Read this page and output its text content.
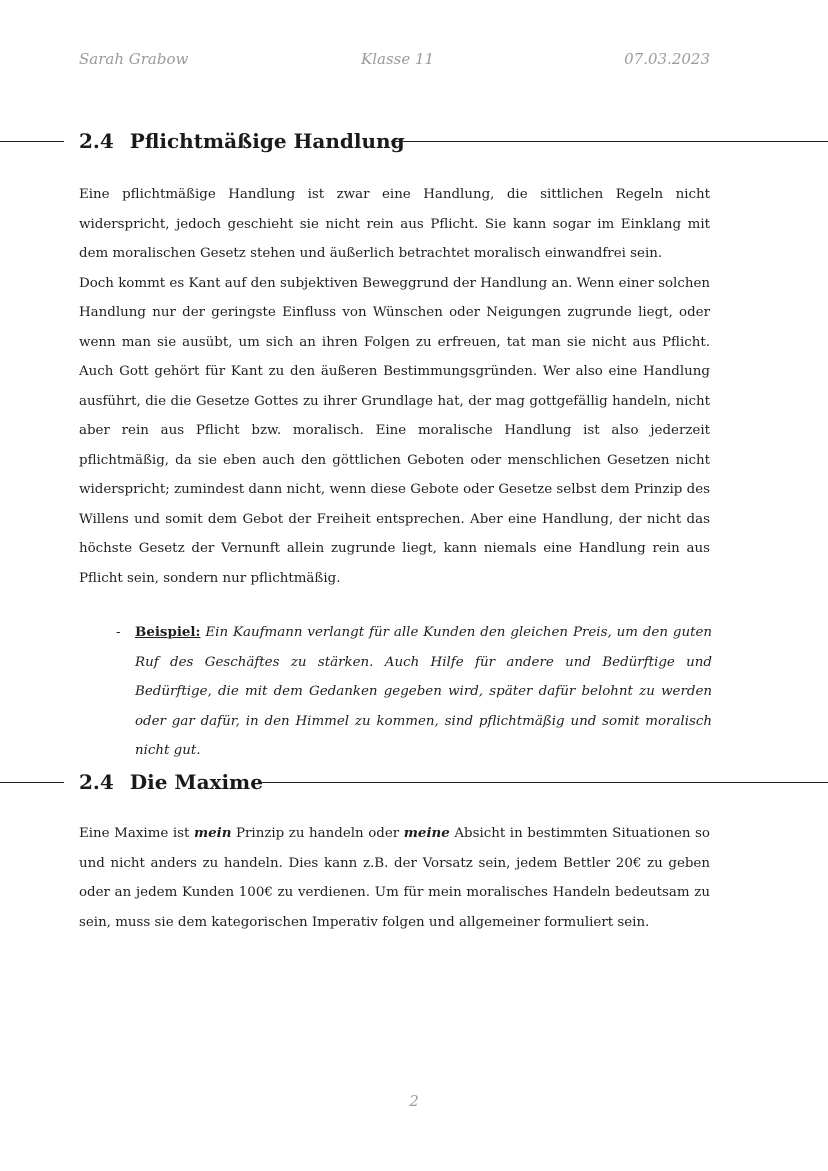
Sarah Grabow	Klasse 11	07.03.2023
2.4 Pflichtmäßige Handlung

Eine pflichtmäßige Handlung ist zwar eine Handlung, die sittlichen Regeln nicht widerspricht, jedoch geschieht sie nicht rein aus Pflicht. Sie kann sogar im Einklang mit dem moralischen Gesetz stehen und äußerlich betrachtet moralisch einwandfrei sein.

Doch kommt es Kant auf den subjektiven Beweggrund der Handlung an. Wenn einer solchen Handlung nur der geringste Einfluss von Wünschen oder Neigungen zugrunde liegt, oder wenn man sie ausübt, um sich an ihren Folgen zu erfreuen, tat man sie nicht aus Pflicht. Auch Gott gehört für Kant zu den äußeren Bestimmungsgründen. Wer also eine Handlung ausführt, die die Gesetze Gottes zu ihrer Grundlage hat, der mag gottgefällig handeln, nicht aber rein aus Pflicht bzw. moralisch. Eine moralische Handlung ist also jederzeit pflichtmäßig, da sie eben auch den göttlichen Geboten oder menschlichen Gesetzen nicht widerspricht; zumindest dann nicht, wenn diese Gebote oder Gesetze selbst dem Prinzip des Willens und somit dem Gebot der Freiheit entsprechen. Aber eine Handlung, der nicht das höchste Gesetz der Vernunft allein zugrunde liegt, kann niemals eine Handlung rein aus Pflicht sein, sondern nur pflichtmäßig.

- Beispiel: Ein Kaufmann verlangt für alle Kunden den gleichen Preis, um den guten Ruf des Geschäftes zu stärken. Auch Hilfe für andere und Bedürftige und Bedürftige, die mit dem Gedanken gegeben wird, später dafür belohnt zu werden oder gar dafür, in den Himmel zu kommen, sind pflichtmäßig und somit moralisch nicht gut.
2.4 Die Maxime

Eine Maxime ist mein Prinzip zu handeln oder meine Absicht in bestimmten Situationen so und nicht anders zu handeln. Dies kann z.B. der Vorsatz sein, jedem Bettler 20€ zu geben oder an jedem Kunden 100€ zu verdienen. Um für mein moralisches Handeln bedeutsam zu sein, muss sie dem kategorischen Imperativ folgen und allgemeiner formuliert sein.

2
